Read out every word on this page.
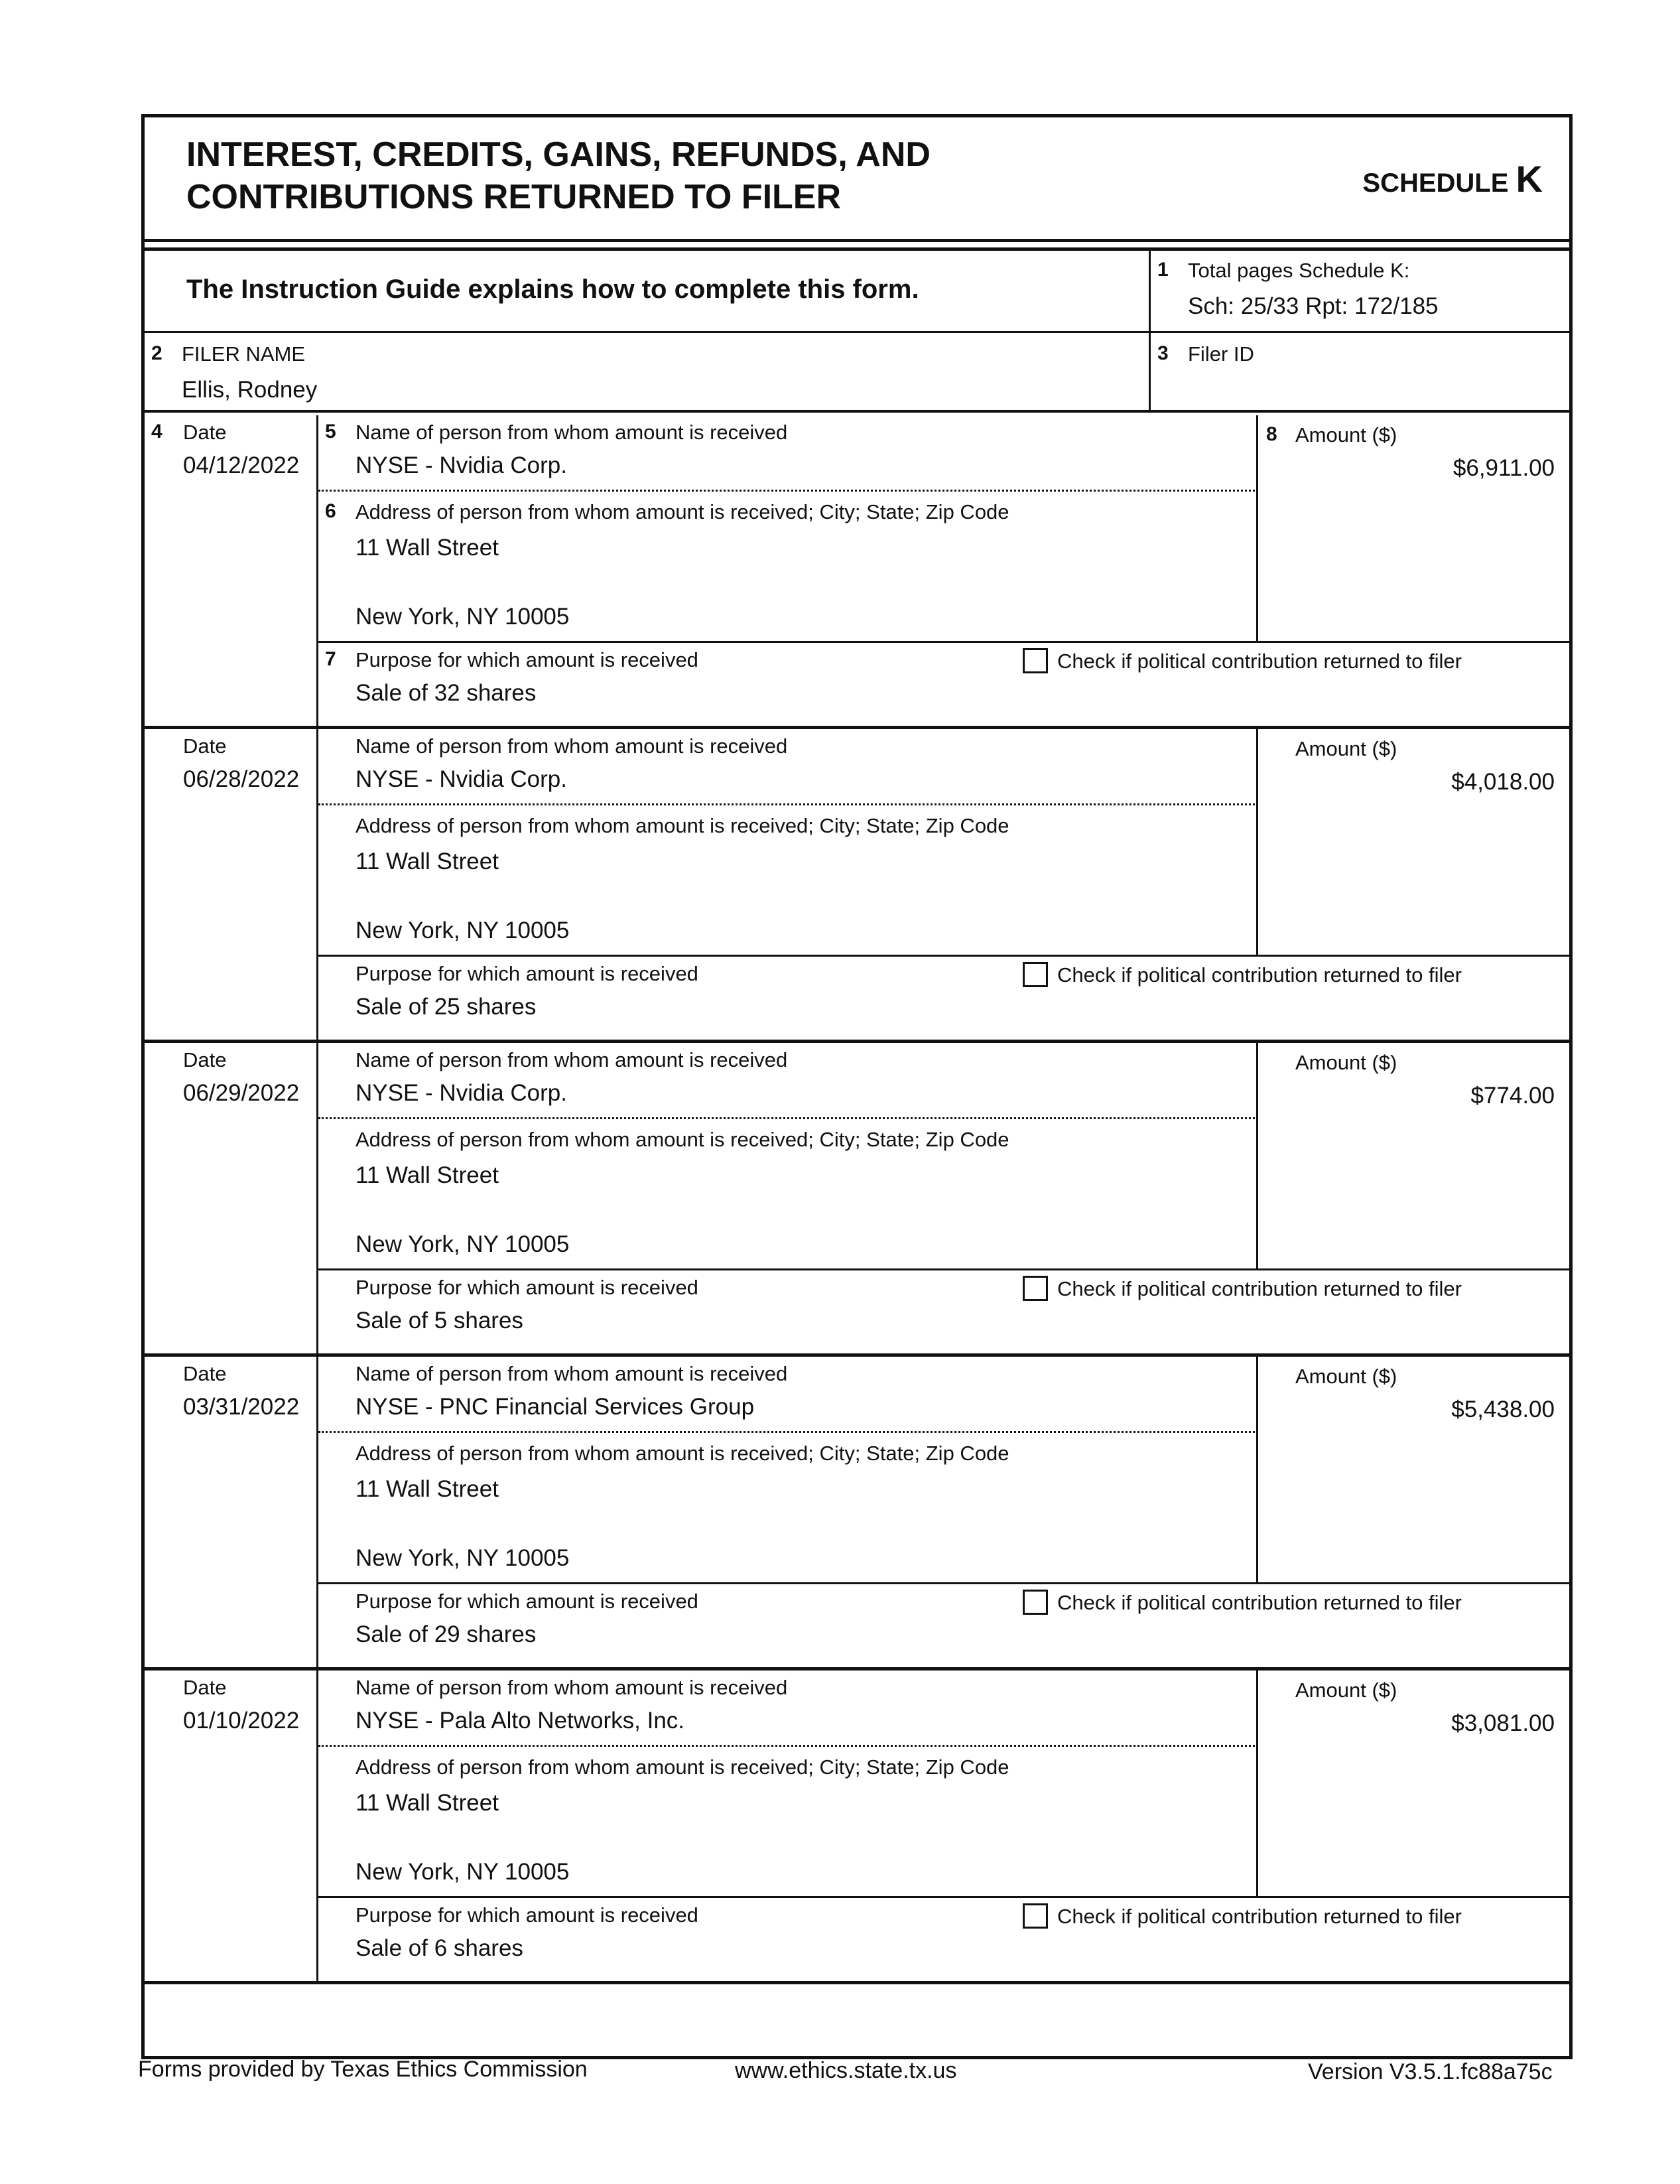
INTEREST, CREDITS, GAINS, REFUNDS, AND
CONTRIBUTIONS RETURNED TO FILER	SCHEDULE K
The Instruction Guide explains how to complete this form.
1 Total pages Schedule K:
Sch: 25/33 Rpt: 172/185
2 FILER NAME
Ellis, Rodney
3 Filer ID
4 Date
04/12/2022
5 Name of person from whom amount is received
NYSE - Nvidia Corp.
6 Address of person from whom amount is received; City; State; Zip Code
11 Wall Street
New York, NY 10005
8 Amount ($)
$6,911.00
7 Purpose for which amount is received
Sale of 32 shares
Check if political contribution returned to filer
Date
06/28/2022
Name of person from whom amount is received
NYSE - Nvidia Corp.
Address of person from whom amount is received; City; State; Zip Code
11 Wall Street
New York, NY 10005
Amount ($)
$4,018.00
Purpose for which amount is received
Sale of 25 shares
Check if political contribution returned to filer
Date
06/29/2022
Name of person from whom amount is received
NYSE - Nvidia Corp.
Address of person from whom amount is received; City; State; Zip Code
11 Wall Street
New York, NY 10005
Amount ($)
$774.00
Purpose for which amount is received
Sale of 5 shares
Check if political contribution returned to filer
Date
03/31/2022
Name of person from whom amount is received
NYSE - PNC Financial Services Group
Address of person from whom amount is received; City; State; Zip Code
11 Wall Street
New York, NY 10005
Amount ($)
$5,438.00
Purpose for which amount is received
Sale of 29 shares
Check if political contribution returned to filer
Date
01/10/2022
Name of person from whom amount is received
NYSE - Pala Alto Networks, Inc.
Address of person from whom amount is received; City; State; Zip Code
11 Wall Street
New York, NY 10005
Amount ($)
$3,081.00
Purpose for which amount is received
Sale of 6 shares
Check if political contribution returned to filer
Forms provided by Texas Ethics Commission	www.ethics.state.tx.us	Version V3.5.1.fc88a75c
